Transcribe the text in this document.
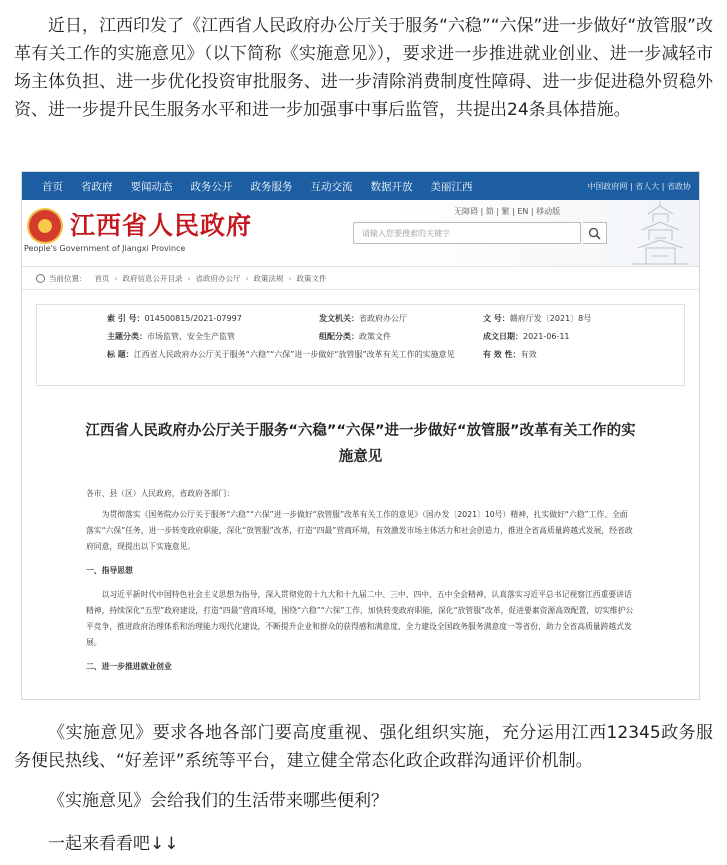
近日，江西印发了《江西省人民政府办公厅关于服务“六稳”“六保”进一步做好“放管服”改革有关工作的实施意见》（以下简称《实施意见》），要求进一步推进就业创业、进一步减轻市场主体负担、进一步优化投资审批服务、进一步清除消费制度性障碍、进一步促进稳外贸稳外资、进一步提升民生服务水平和进一步加强事中事后监管，共提出24条具体措施。
首页	省政府	要闻动态	政务公开	政务服务	互动交流	数据开放	美丽江西	中国政府网 | 省人大 | 省政协
江西省人民政府
People's Government of Jiangxi Province
无障碍 | 简 | 繁 | EN | 移动版
请输入您要搜索的关键字
当前位置： 首页	› 政府信息公开目录	› 省政府办公厅	› 政策法规	› 政策文件
索 引 号：014500815/2021-07997	发文机关：省政府办公厅	文 号：赣府厅发〔2021〕8号
主题分类：市场监管、安全生产监管	组配分类：政策文件	成文日期：2021-06-11
标 题：江西省人民政府办公厅关于服务“六稳”“六保”进一步做好“放管服”改革有关工作的实施意见	有 效 性：有效
江西省人民政府办公厅关于服务“六稳”“六保”进一步做好“放管服”改革有关工作的实
施意见

各市、县（区）人民政府，省政府各部门：

为贯彻落实《国务院办公厅关于服务“六稳”“六保”进一步做好“放管服”改革有关工作的意见》（国办发〔2021〕10号）精神，扎实做好“六稳”工作、全面落实“六保”任务，进一步转变政府职能，深化“放管服”改革，打造“四最”营商环境，有效激发市场主体活力和社会创造力，推进全省高质量跨越式发展，经省政府同意，现提出以下实施意见。

一、指导思想

以习近平新时代中国特色社会主义思想为指导，深入贯彻党的十九大和十九届二中、三中、四中、五中全会精神，认真落实习近平总书记视察江西重要讲话精神，持续深化“五型”政府建设，打造“四最”营商环境，围绕“六稳”“六保”工作，加快转变政府职能，深化“放管服”改革，促进要素资源高效配置，切实维护公平竞争，推进政府治理体系和治理能力现代化建设，不断提升企业和群众的获得感和满意度，全力建设全国政务服务满意度一等省份，助力全省高质量跨越式发展。

二、进一步推进就业创业

《实施意见》要求各地各部门要高度重视、强化组织实施，充分运用江西12345政务服务便民热线、“好差评”系统等平台，建立健全常态化政企政群沟通评价机制。
《实施意见》会给我们的生活带来哪些便利？
一起来看看吧↓↓
